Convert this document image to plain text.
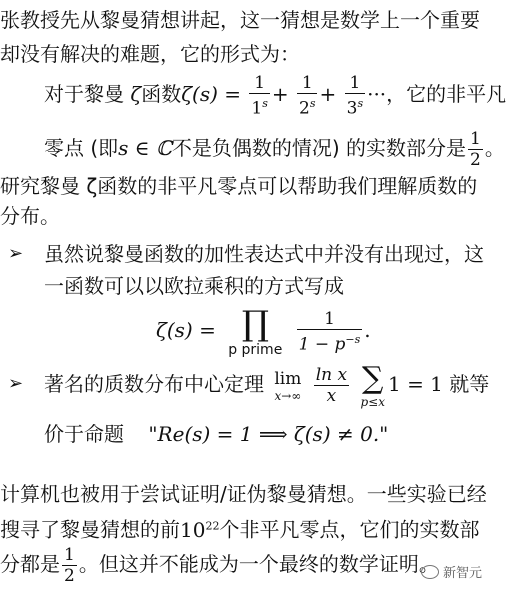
张教授先从黎曼猜想讲起，这一猜想是数学上一个重要
却没有解决的难题，它的形式为：
对于黎曼 ζ函数$\zeta(s) = \frac{1}{1^s} + \frac{1}{2^s} + \frac{1}{3^s}$ ···，它的非平凡
零点 (即s ∈ ℂ不是负偶数的情况) 的实数部分是 $\frac{1}{2}$ 。
研究黎曼 ζ函数的非平凡零点可以帮助我们理解质数的
分布。
➢ 虽然说黎曼函数的加性表达式中并没有出现过，这
一函数可以以欧拉乘积的方式写成
ζ(s) = ∏
p prime
$\frac{1}{1 - p^{-s}}$ .
➢ 著名的质数分布中心定理 lim
x→∞
$\frac{\text{ln x}}{x}$
∑
p≤x
1 = 1 就等
价于命题 "Re(s) = 1 ⟹ ζ(s) ≠ 0."
计算机也被用于尝试证明/证伪黎曼猜想。一些实验已经
搜寻了黎曼猜想的前$10^{22}$个非平凡零点，它们的实数部
分都是 $\frac{1}{2}$ 。但这并不能成为一个最终的数学证明。 新智元
